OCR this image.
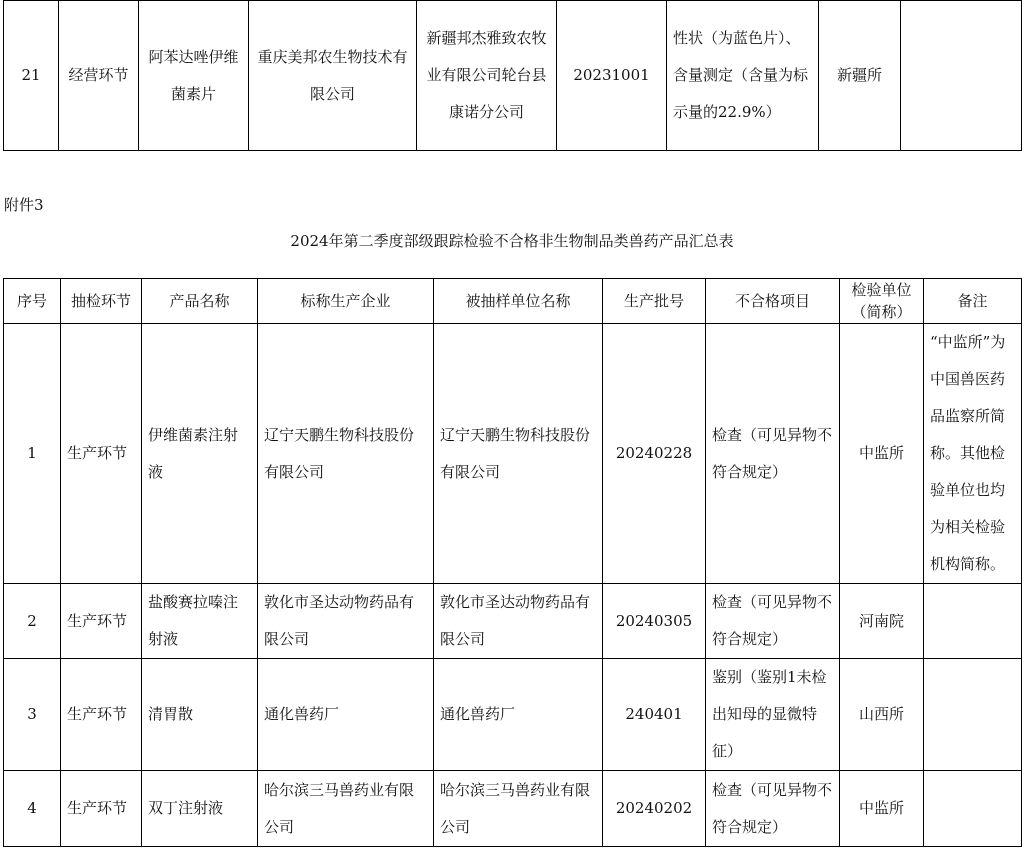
21	经营环节	阿苯达唑伊维菌素片	重庆美邦农生物技术有限公司	新疆邦杰雅致农牧业有限公司轮台县康诺分公司	20231001	性状（为蓝色片）、含量测定（含量为标示量的22.9%）	新疆所	
附件3
2024年第二季度部级跟踪检验不合格非生物制品类兽药产品汇总表
序号	抽检环节	产品名称	标称生产企业	被抽样单位名称	生产批号	不合格项目	检验单位（简称）	备注
1	生产环节	伊维菌素注射液	辽宁天鹏生物科技股份有限公司	辽宁天鹏生物科技股份有限公司	20240228	检查（可见异物不符合规定）	中监所	“中监所”为中国兽医药品监察所简称。其他检验单位也均为相关检验机构简称。
2	生产环节	盐酸赛拉嗪注射液	敦化市圣达动物药品有限公司	敦化市圣达动物药品有限公司	20240305	检查（可见异物不符合规定）	河南院	
3	生产环节	清胃散	通化兽药厂	通化兽药厂	240401	鉴别（鉴别1未检出知母的显微特征）	山西所	
4	生产环节	双丁注射液	哈尔滨三马兽药业有限公司	哈尔滨三马兽药业有限公司	20240202	检查（可见异物不符合规定）	中监所	
